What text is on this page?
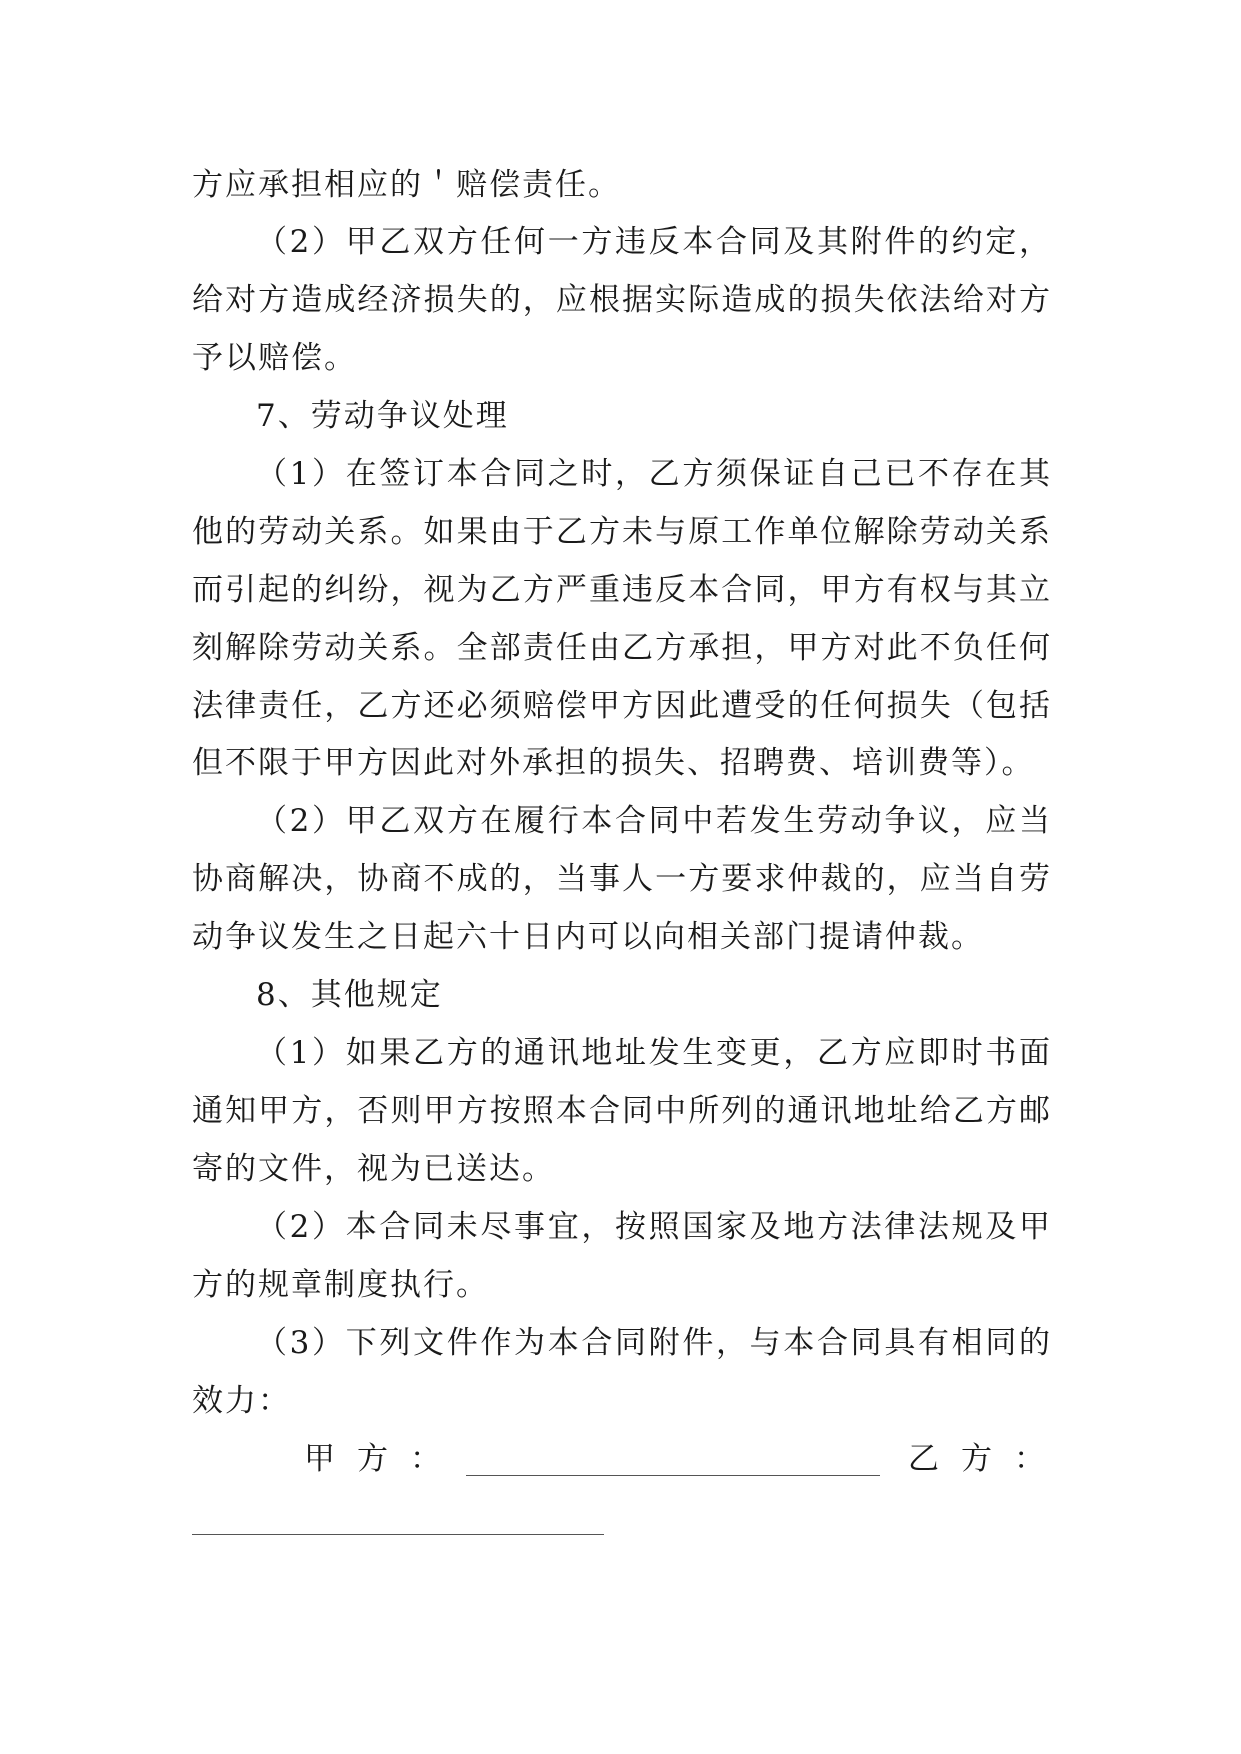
方应承担相应的＇赔偿责任。
（2）甲乙双方任何一方违反本合同及其附件的约定，
给对方造成经济损失的，应根据实际造成的损失依法给对方
予以赔偿。
7、劳动争议处理
（1）在签订本合同之时，乙方须保证自己已不存在其
他的劳动关系。如果由于乙方未与原工作单位解除劳动关系
而引起的纠纷，视为乙方严重违反本合同，甲方有权与其立
刻解除劳动关系。全部责任由乙方承担，甲方对此不负任何
法律责任，乙方还必须赔偿甲方因此遭受的任何损失（包括
但不限于甲方因此对外承担的损失、招聘费、培训费等）。
（2）甲乙双方在履行本合同中若发生劳动争议，应当
协商解决，协商不成的，当事人一方要求仲裁的，应当自劳
动争议发生之日起六十日内可以向相关部门提请仲裁。
8、其他规定
（1）如果乙方的通讯地址发生变更，乙方应即时书面
通知甲方，否则甲方按照本合同中所列的通讯地址给乙方邮
寄的文件，视为已送达。
（2）本合同未尽事宜，按照国家及地方法律法规及甲
方的规章制度执行。
（3）下列文件作为本合同附件，与本合同具有相同的
效力：
甲方：	乙方：
